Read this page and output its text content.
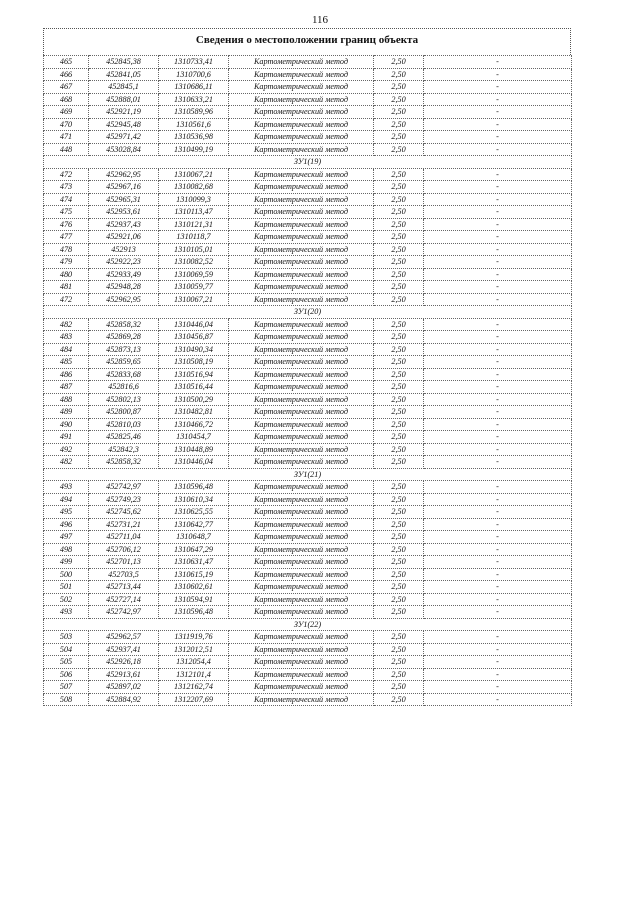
116
Сведения о местоположении границ объекта
465	452845,38	1310733,41	Картометрический метод	2,50	-
466	452841,05	1310700,6	Картометрический метод	2,50	-
467	452845,1	1310686,11	Картометрический метод	2,50	-
468	452888,01	1310633,21	Картометрический метод	2,50	-
469	452921,19	1310589,96	Картометрический метод	2,50	-
470	452945,48	1310561,6	Картометрический метод	2,50	-
471	452971,42	1310536,98	Картометрический метод	2,50	-
448	453028,84	1310499,19	Картометрический метод	2,50	-
ЗУ1(19)					
472	452962,95	1310067,21	Картометрический метод	2,50	-
473	452967,16	1310082,68	Картометрический метод	2,50	-
474	452965,31	1310099,3	Картометрический метод	2,50	-
475	452953,61	1310113,47	Картометрический метод	2,50	-
476	452937,43	1310121,31	Картометрический метод	2,50	-
477	452921,06	1310118,7	Картометрический метод	2,50	-
478	452913	1310105,01	Картометрический метод	2,50	-
479	452922,23	1310082,52	Картометрический метод	2,50	-
480	452933,49	1310069,59	Картометрический метод	2,50	-
481	452948,28	1310059,77	Картометрический метод	2,50	-
472	452962,95	1310067,21	Картометрический метод	2,50	-
ЗУ1(20)					
482	452858,32	1310446,04	Картометрический метод	2,50	-
483	452869,28	1310456,87	Картометрический метод	2,50	-
484	452873,13	1310490,34	Картометрический метод	2,50	-
485	452859,65	1310508,19	Картометрический метод	2,50	-
486	452833,68	1310516,94	Картометрический метод	2,50	-
487	452816,6	1310516,44	Картометрический метод	2,50	-
488	452802,13	1310500,29	Картометрический метод	2,50	-
489	452800,87	1310482,81	Картометрический метод	2,50	-
490	452810,03	1310466,72	Картометрический метод	2,50	-
491	452825,46	1310454,7	Картометрический метод	2,50	-
492	452842,3	1310448,89	Картометрический метод	2,50	-
482	452858,32	1310446,04	Картометрический метод	2,50	-
ЗУ1(21)					
493	452742,97	1310596,48	Картометрический метод	2,50	-
494	452749,23	1310610,34	Картометрический метод	2,50	-
495	452745,62	1310625,55	Картометрический метод	2,50	-
496	452731,21	1310642,77	Картометрический метод	2,50	-
497	452711,04	1310648,7	Картометрический метод	2,50	-
498	452706,12	1310647,29	Картометрический метод	2,50	-
499	452701,13	1310631,47	Картометрический метод	2,50	-
500	452703,5	1310615,19	Картометрический метод	2,50	-
501	452713,44	1310602,61	Картометрический метод	2,50	-
502	452727,14	1310594,91	Картометрический метод	2,50	-
493	452742,97	1310596,48	Картометрический метод	2,50	-
ЗУ1(22)					
503	452962,57	1311919,76	Картометрический метод	2,50	-
504	452937,41	1312012,51	Картометрический метод	2,50	-
505	452926,18	1312054,4	Картометрический метод	2,50	-
506	452913,61	1312101,4	Картометрический метод	2,50	-
507	452897,02	1312162,74	Картометрический метод	2,50	-
508	452884,92	1312207,69	Картометрический метод	2,50	-
